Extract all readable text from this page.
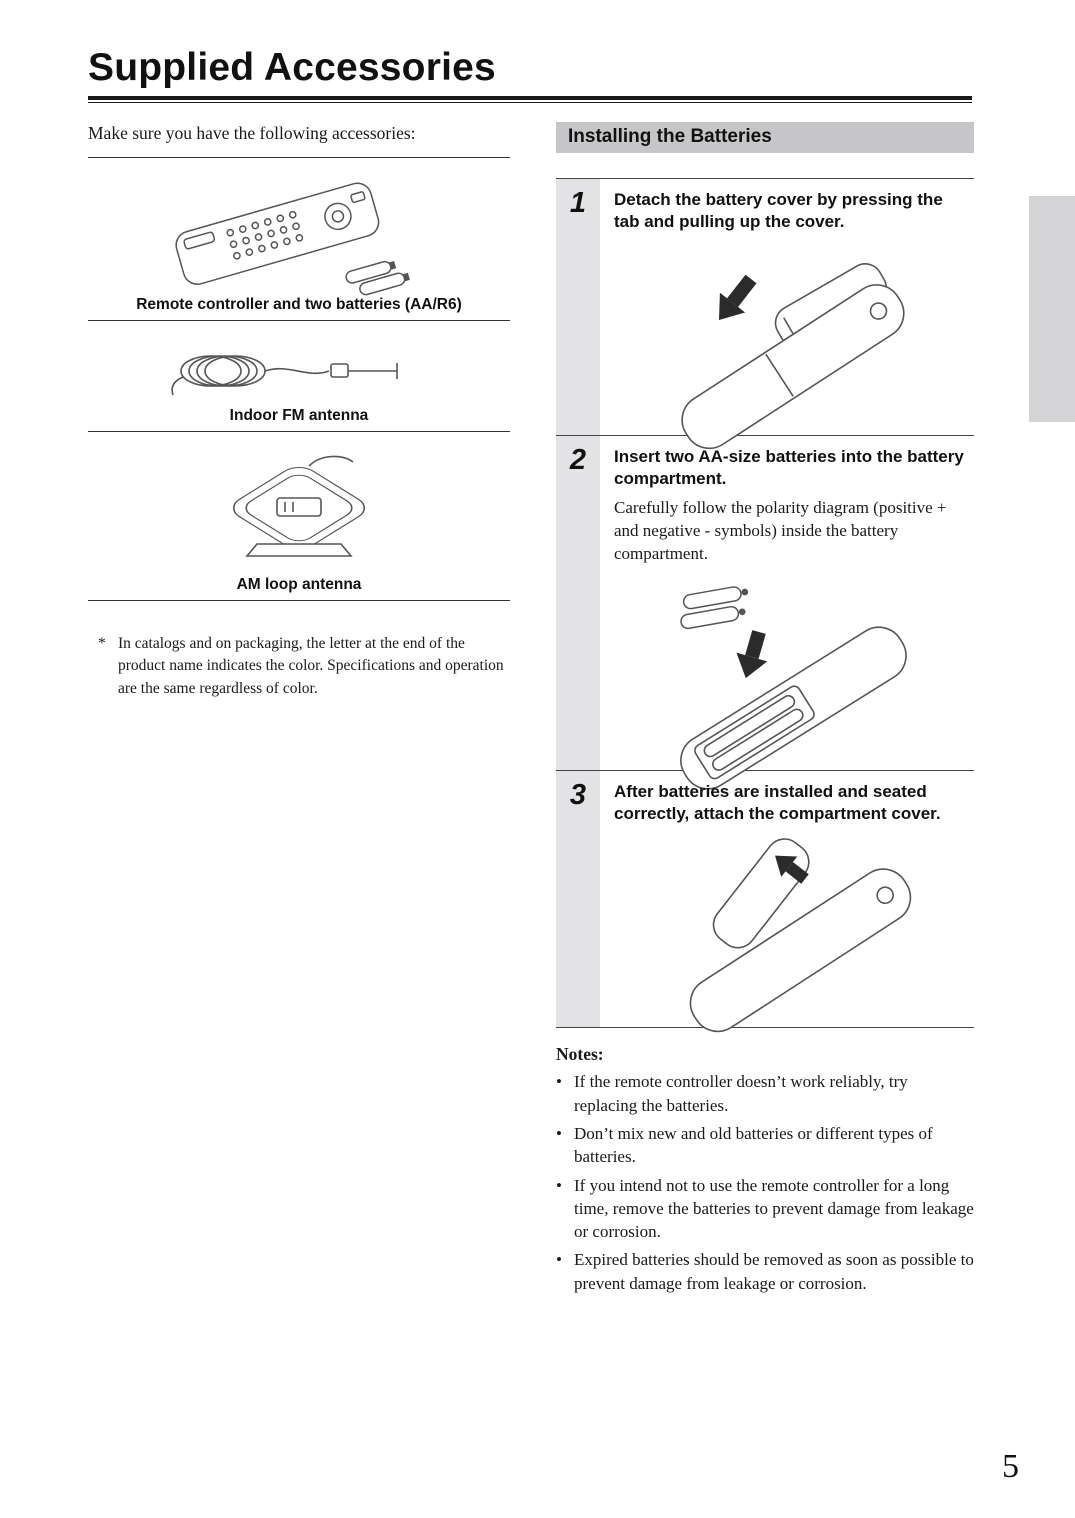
Supplied Accessories

Make sure you have the following accessories:

Remote controller and two batteries (AA/R6)
Indoor FM antenna
AM loop antenna
* In catalogs and on packaging, the letter at the end of the product name indicates the color. Specifications and operation are the same regardless of color.
Installing the Batteries
1	Detach the battery cover by pressing the tab and pulling up the cover.
2	Insert two AA-size batteries into the battery compartment.
Carefully follow the polarity diagram (positive + and negative - symbols) inside the battery compartment.
3	After batteries are installed and seated correctly, attach the compartment cover.
Notes:
• If the remote controller doesn’t work reliably, try replacing the batteries.
• Don’t mix new and old batteries or different types of batteries.
• If you intend not to use the remote controller for a long time, remove the batteries to prevent damage from leakage or corrosion.
• Expired batteries should be removed as soon as possible to prevent damage from leakage or corrosion.
5
